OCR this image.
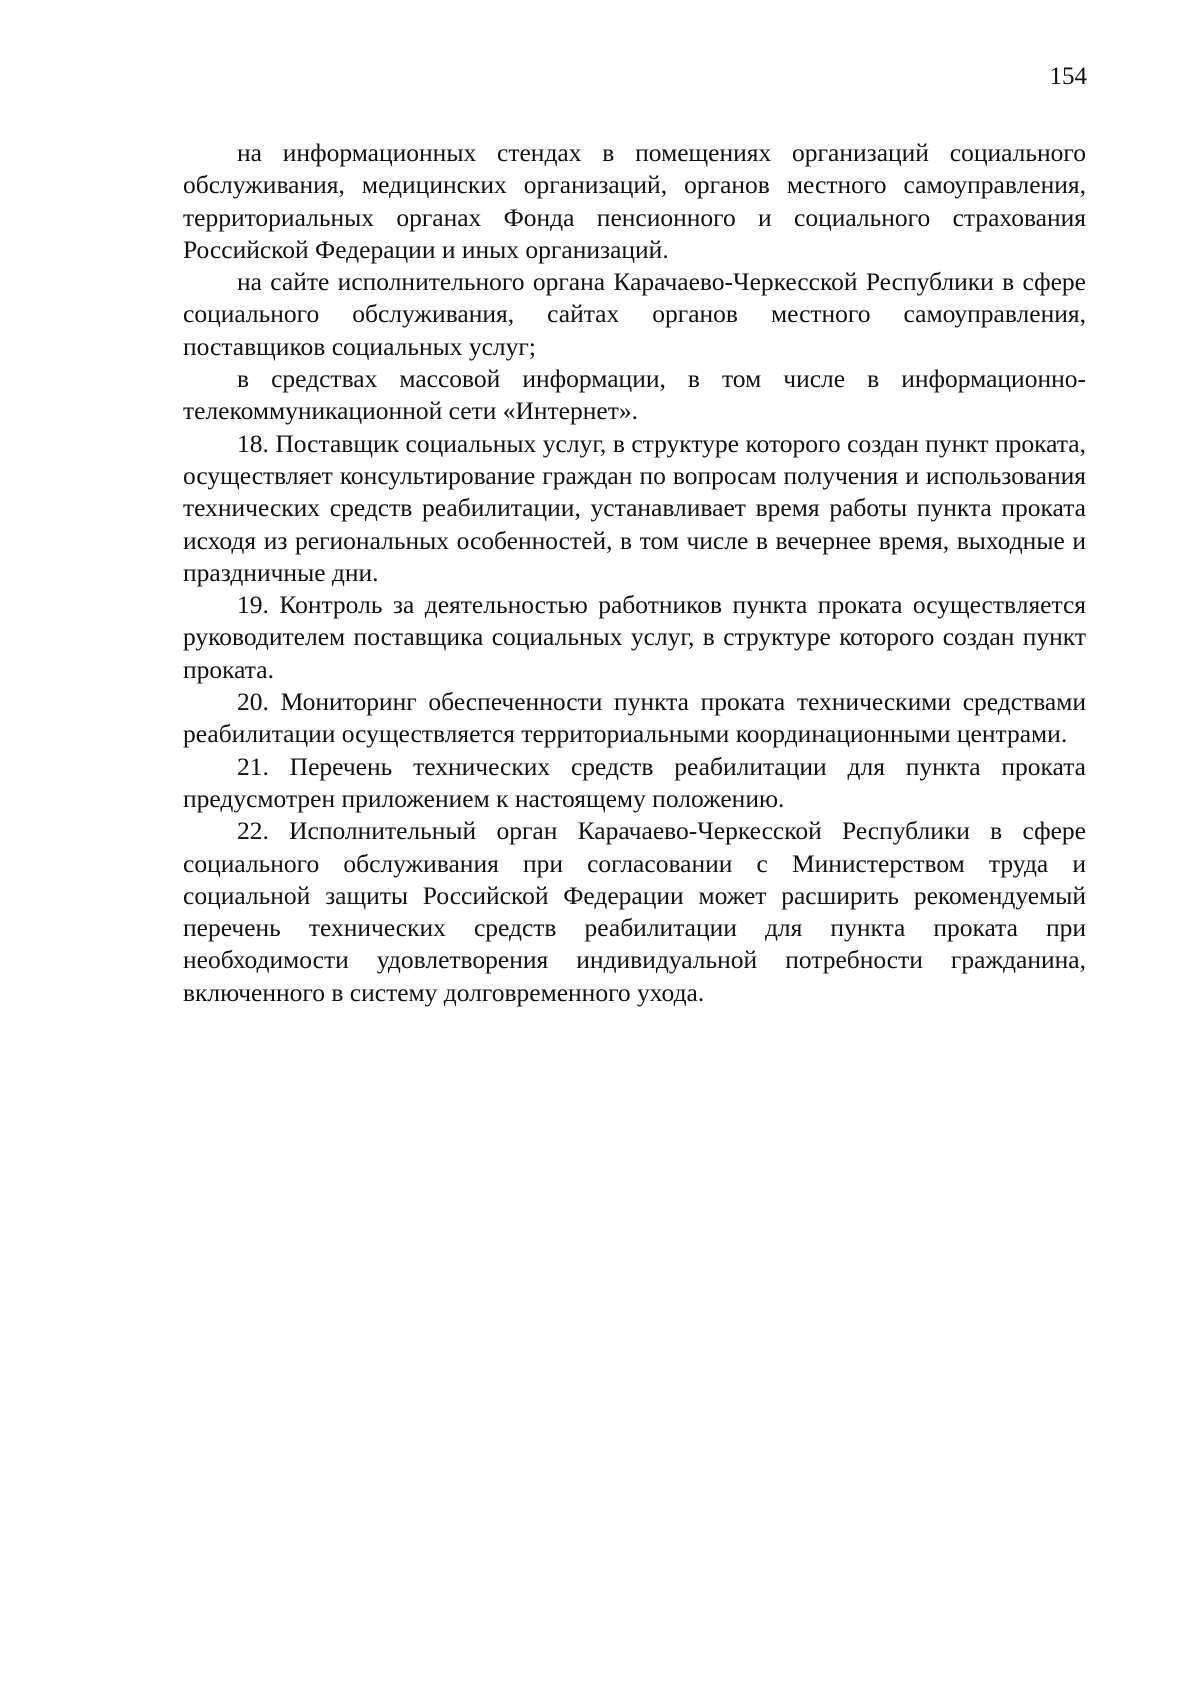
154

на информационных стендах в помещениях организаций социального обслуживания, медицинских организаций, органов местного самоуправления, территориальных органах Фонда пенсионного и социального страхования Российской Федерации и иных организаций.

на сайте исполнительного органа Карачаево-Черкесской Республики в сфере социального обслуживания, сайтах органов местного самоуправления, поставщиков социальных услуг;

в средствах массовой информации, в том числе в информационно-телекоммуникационной сети «Интернет».

18. Поставщик социальных услуг, в структуре которого создан пункт проката, осуществляет консультирование граждан по вопросам получения и использования технических средств реабилитации, устанавливает время работы пункта проката исходя из региональных особенностей, в том числе в вечернее время, выходные и праздничные дни.

19. Контроль за деятельностью работников пункта проката осуществляется руководителем поставщика социальных услуг, в структуре которого создан пункт проката.

20. Мониторинг обеспеченности пункта проката техническими средствами реабилитации осуществляется территориальными координационными центрами.

21. Перечень технических средств реабилитации для пункта проката предусмотрен приложением к настоящему положению.

22. Исполнительный орган Карачаево-Черкесской Республики в сфере социального обслуживания при согласовании с Министерством труда и социальной защиты Российской Федерации может расширить рекомендуемый перечень технических средств реабилитации для пункта проката при необходимости удовлетворения индивидуальной потребности гражданина, включенного в систему долговременного ухода.
